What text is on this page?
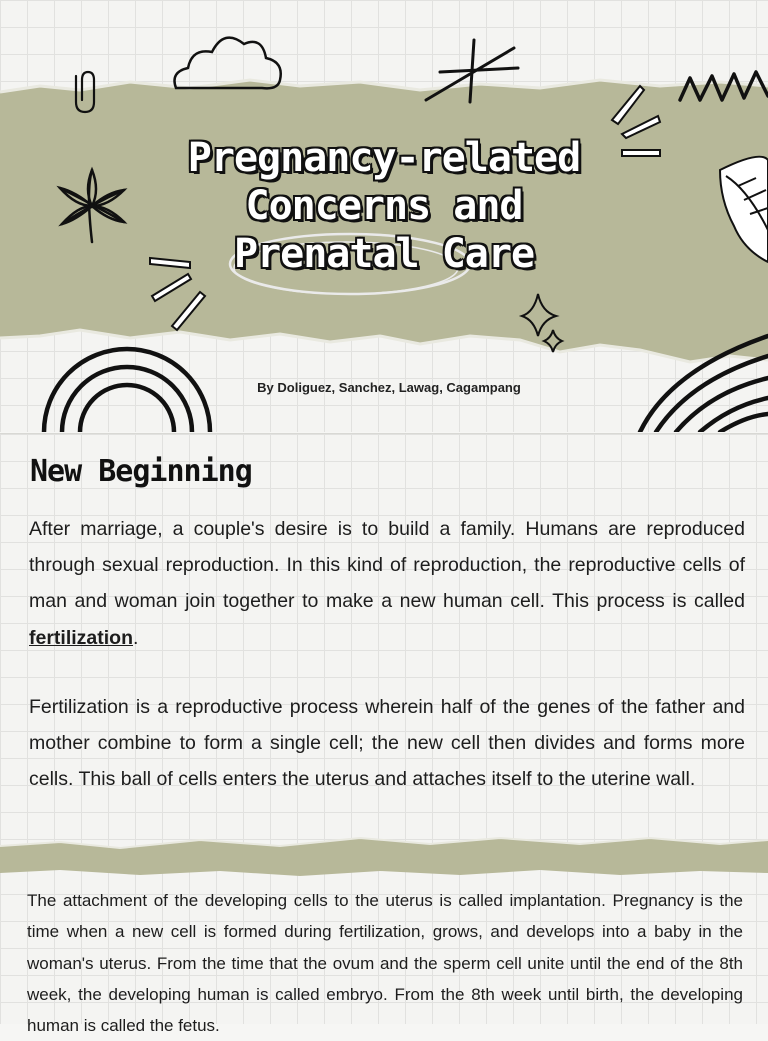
Pregnancy-related
Concerns and
Prenatal Care
By Doliguez, Sanchez, Lawag, Cagampang
New Beginning

After marriage, a couple's desire is to build a family. Humans are reproduced through sexual reproduction. In this kind of reproduction, the reproductive cells of man and woman join together to make a new human cell. This process is called fertilization.

Fertilization is a reproductive process wherein half of the genes of the father and mother combine to form a single cell; the new cell then divides and forms more cells. This ball of cells enters the uterus and attaches itself to the uterine wall.

The attachment of the developing cells to the uterus is called implantation. Pregnancy is the time when a new cell is formed during fertilization, grows, and develops into a baby in the woman's uterus. From the time that the ovum and the sperm cell unite until the end of the 8th week, the developing human is called embryo. From the 8th week until birth, the developing human is called the fetus.
